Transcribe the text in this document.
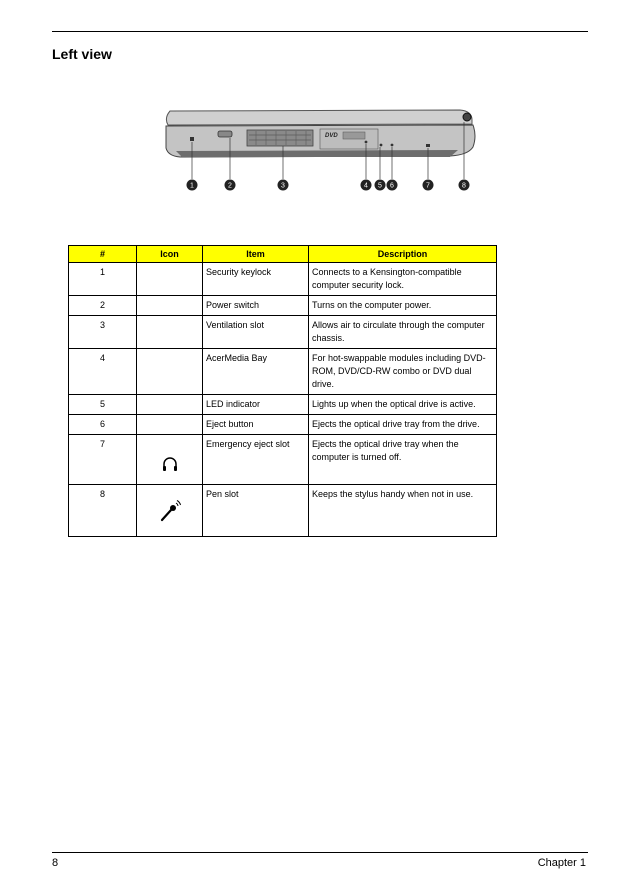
Left view
DVD
1	2	3	4 5 6	7	8
#	Icon	Item	Description
1		Security keylock	Connects to a Kensington-compatible computer security lock.
2		Power switch	Turns on the computer power.
3		Ventilation slot	Allows air to circulate through the computer chassis.
4		AcerMedia Bay	For hot-swappable modules including DVD-ROM, DVD/CD-RW combo or DVD dual drive.
5		LED indicator	Lights up when the optical drive is active.
6		Eject button	Ejects the optical drive tray from the drive.
7		Emergency eject slot	Ejects the optical drive tray when the computer is turned off.
8		Pen slot	Keeps the stylus handy when not in use.
8	Chapter 1
